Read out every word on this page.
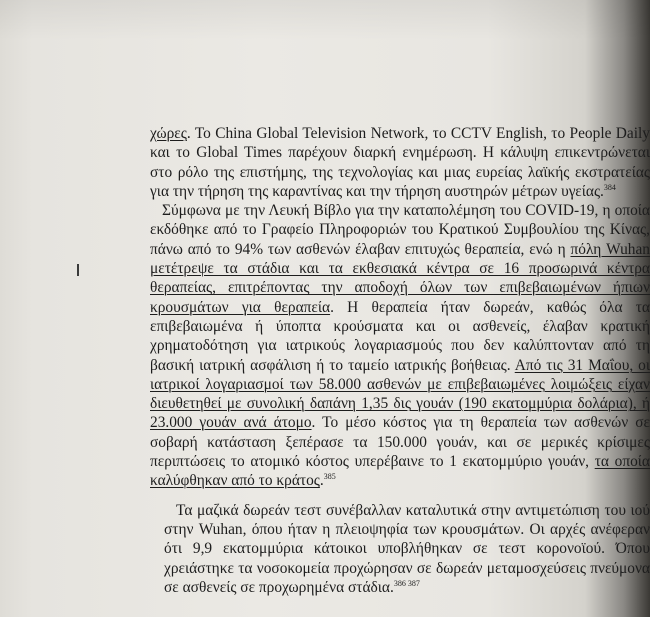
χώρες. Το China Global Television Network, το CCTV English, το People Daily και το Global Times παρέχουν διαρκή ενημέρωση. Η κάλυψη επικεντρώνεται στο ρόλο της επιστήμης, της τεχνολογίας και μιας ευρείας λαϊκής εκστρατείας για την τήρηση της καραντίνας και την τήρηση αυστηρών μέτρων υγείας.$^{384}$

Σύμφωνα με την Λευκή Βίβλο για την καταπολέμηση του COVID-19, η οποία εκδόθηκε από το Γραφείο Πληροφοριών του Κρατικού Συμβουλίου της Κίνας, πάνω από το 94% των ασθενών έλαβαν επιτυχώς θεραπεία, ενώ η πόλη Wuhan μετέτρεψε τα στάδια και τα εκθεσιακά κέντρα σε 16 προσωρινά κέντρα θεραπείας, επιτρέποντας την αποδοχή όλων των επιβεβαιωμένων ήπιων κρουσμάτων για θεραπεία. Η θεραπεία ήταν δωρεάν, καθώς όλα τα επιβεβαιωμένα ή ύποπτα κρούσματα και οι ασθενείς, έλαβαν κρατική χρηματοδότηση για ιατρικούς λογαριασμούς που δεν καλύπτονταν από τη βασική ιατρική ασφάλιση ή το ταμείο ιατρικής βοήθειας. Από τις 31 Μαΐου, οι ιατρικοί λογαριασμοί των 58.000 ασθενών με επιβεβαιωμένες λοιμώξεις είχαν διευθετηθεί με συνολική δαπάνη 1,35 δις γουάν (190 εκατομμύρια δολάρια), ή 23.000 γουάν ανά άτομο. Το μέσο κόστος για τη θεραπεία των ασθενών σε σοβαρή κατάσταση ξεπέρασε τα 150.000 γουάν, και σε μερικές κρίσιμες περιπτώσεις το ατομικό κόστος υπερέβαινε το 1 εκατομμύριο γουάν, τα οποία καλύφθηκαν από το κράτος.$^{385}$

Τα μαζικά δωρεάν τεστ συνέβαλλαν καταλυτικά στην αντιμετώπιση του ιού στην Wuhan, όπου ήταν η πλειοψηφία των κρουσμάτων. Οι αρχές ανέφεραν ότι 9,9 εκατομμύρια κάτοικοι υποβλήθηκαν σε τεστ κορονοϊού. Όπου χρειάστηκε τα νοσοκομεία προχώρησαν σε δωρεάν μεταμοσχεύσεις πνεύμονα σε ασθενείς σε προχωρημένα στάδια.$^{386 387}$
